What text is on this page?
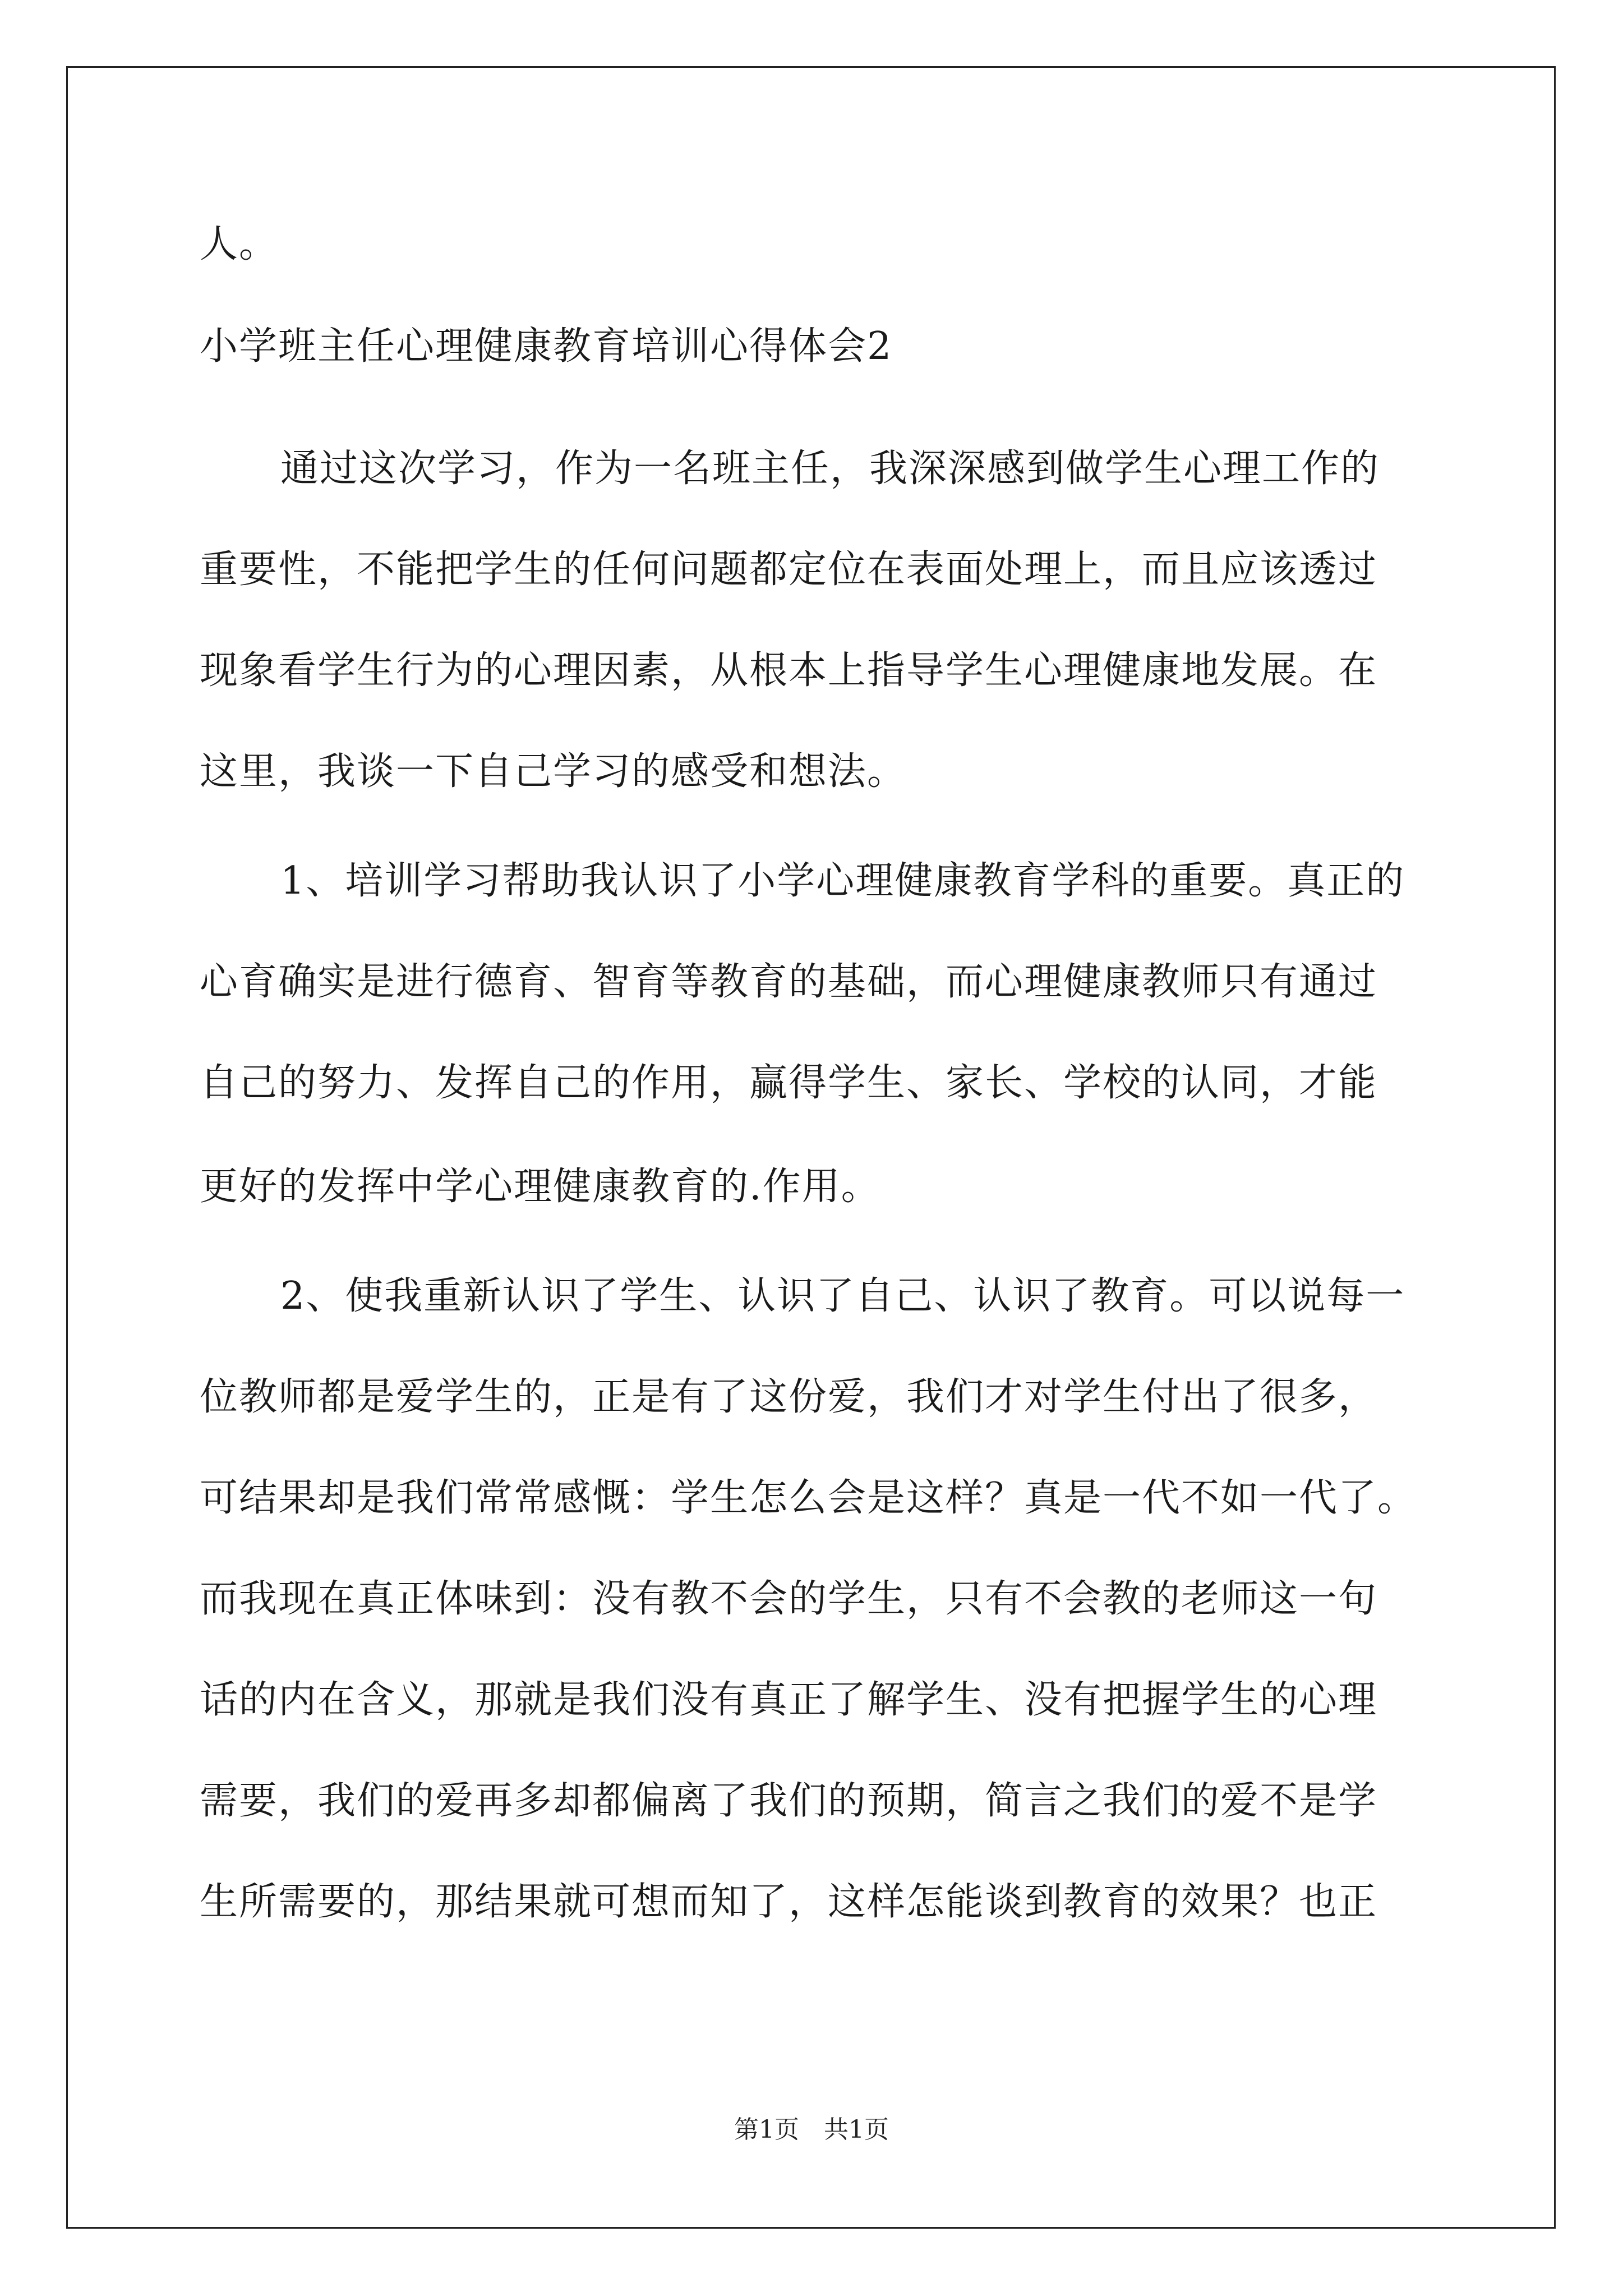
人。
小学班主任心理健康教育培训心得体会2
通过这次学习，作为一名班主任，我深深感到做学生心理工作的
重要性，不能把学生的任何问题都定位在表面处理上，而且应该透过
现象看学生行为的心理因素，从根本上指导学生心理健康地发展。在
这里，我谈一下自己学习的感受和想法。
1、培训学习帮助我认识了小学心理健康教育学科的重要。真正的
心育确实是进行德育、智育等教育的基础，而心理健康教师只有通过
自己的努力、发挥自己的作用，赢得学生、家长、学校的认同，才能
更好的发挥中学心理健康教育的.作用。
2、使我重新认识了学生、认识了自己、认识了教育。可以说每一
位教师都是爱学生的，正是有了这份爱，我们才对学生付出了很多，
可结果却是我们常常感慨：学生怎么会是这样？真是一代不如一代了。
而我现在真正体味到：没有教不会的学生，只有不会教的老师这一句
话的内在含义，那就是我们没有真正了解学生、没有把握学生的心理
需要，我们的爱再多却都偏离了我们的预期，简言之我们的爱不是学
生所需要的，那结果就可想而知了，这样怎能谈到教育的效果？也正
第1页　共1页
